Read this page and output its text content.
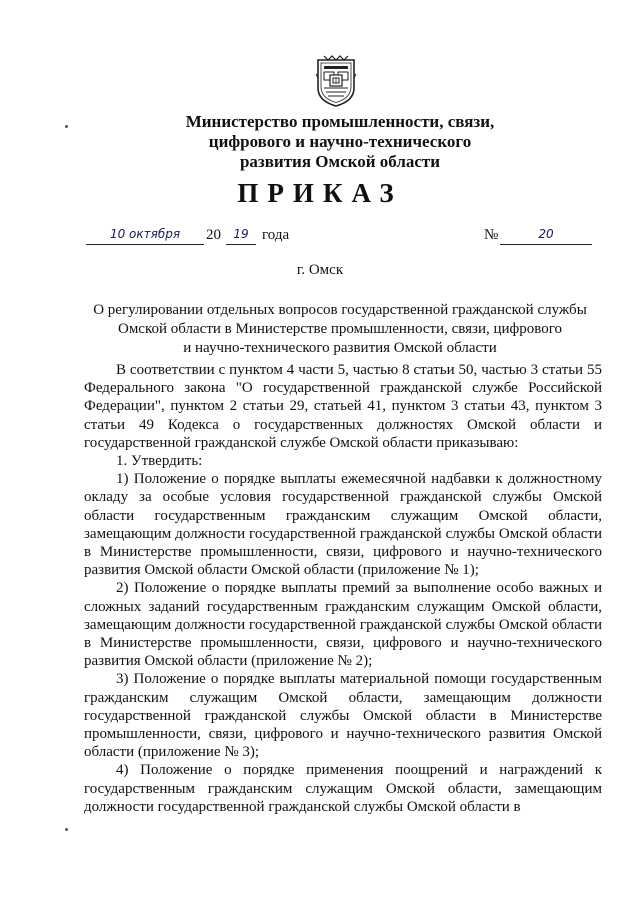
Министерство промышленности, связи,
цифрового и научно-технического
развития Омской области
ПРИКАЗ
10 октября	20	19 года	№	20
г. Омск
О регулировании отдельных вопросов государственной гражданской службы
Омской области в Министерстве промышленности, связи, цифрового
и научно-технического развития Омской области

В соответствии с пунктом 4 части 5, частью 8 статьи 50, частью 3 статьи 55 Федерального закона "О государственной гражданской службе Российской Федерации", пунктом 2 статьи 29, статьей 41, пунктом 3 статьи 43, пунктом 3 статьи 49 Кодекса о государственных должностях Омской области и государственной гражданской службе Омской области приказываю:

1. Утвердить:

1) Положение о порядке выплаты ежемесячной надбавки к должностному окладу за особые условия государственной гражданской службы Омской области государственным гражданским служащим Омской области, замещающим должности государственной гражданской службы Омской области в Министерстве промышленности, связи, цифрового и научно-технического развития Омской области Омской области (приложение № 1);

2) Положение о порядке выплаты премий за выполнение особо важных и сложных заданий государственным гражданским служащим Омской области, замещающим должности государственной гражданской службы Омской области в Министерстве промышленности, связи, цифрового и научно-технического развития Омской области (приложение № 2);

3) Положение о порядке выплаты материальной помощи государственным гражданским служащим Омской области, замещающим должности государственной гражданской службы Омской области в Министерстве промышленности, связи, цифрового и научно-технического развития Омской области (приложение № 3);

4) Положение о порядке применения поощрений и награждений к государственным гражданским служащим Омской области, замещающим должности государственной гражданской службы Омской области в
